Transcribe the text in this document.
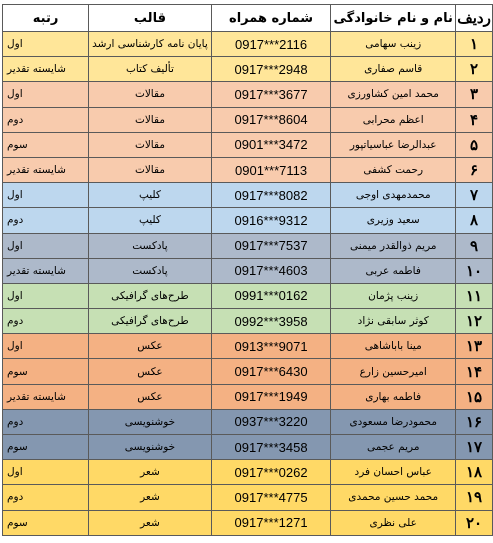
ردیف	نام و نام خانوادگی	شماره همراه	قالب	رتبه
۱	زینب سهامی	0917***2116	پایان نامه کارشناسی ارشد	اول
۲	قاسم صفاری	0917***2948	تألیف کتاب	شایسته تقدیر
۳	محمد امین کشاورزی	0917***3677	مقالات	اول
۴	اعظم محرابی	0917***8604	مقالات	دوم
۵	عبدالرضا عباسیاتپور	0901***3472	مقالات	سوم
۶	رحمت کشفی	0901***7113	مقالات	شایسته تقدیر
۷	محمدمهدی اوجی	0917***8082	کلیپ	اول
۸	سعید وزیری	0916***9312	کلیپ	دوم
۹	مریم ذوالقدر میمنی	0917***7537	پادکست	اول
۱۰	فاطمه عربی	0917***4603	پادکست	شایسته تقدیر
۱۱	زینب پژمان	0991***0162	طرح‌های گرافیکی	اول
۱۲	کوثر سابقی نژاد	0992***3958	طرح‌های گرافیکی	دوم
۱۳	مینا باباشاهی	0913***9071	عکس	اول
۱۴	امیرحسین زارع	0917***6430	عکس	سوم
۱۵	فاطمه بهاری	0917***1949	عکس	شایسته تقدیر
۱۶	محمودرضا مسعودی	0937***3220	خوشنویسی	دوم
۱۷	مریم عجمی	0917***3458	خوشنویسی	سوم
۱۸	عباس احسان فرد	0917***0262	شعر	اول
۱۹	محمد حسین محمدی	0917***4775	شعر	دوم
۲۰	علی نظری	0917***1271	شعر	سوم
